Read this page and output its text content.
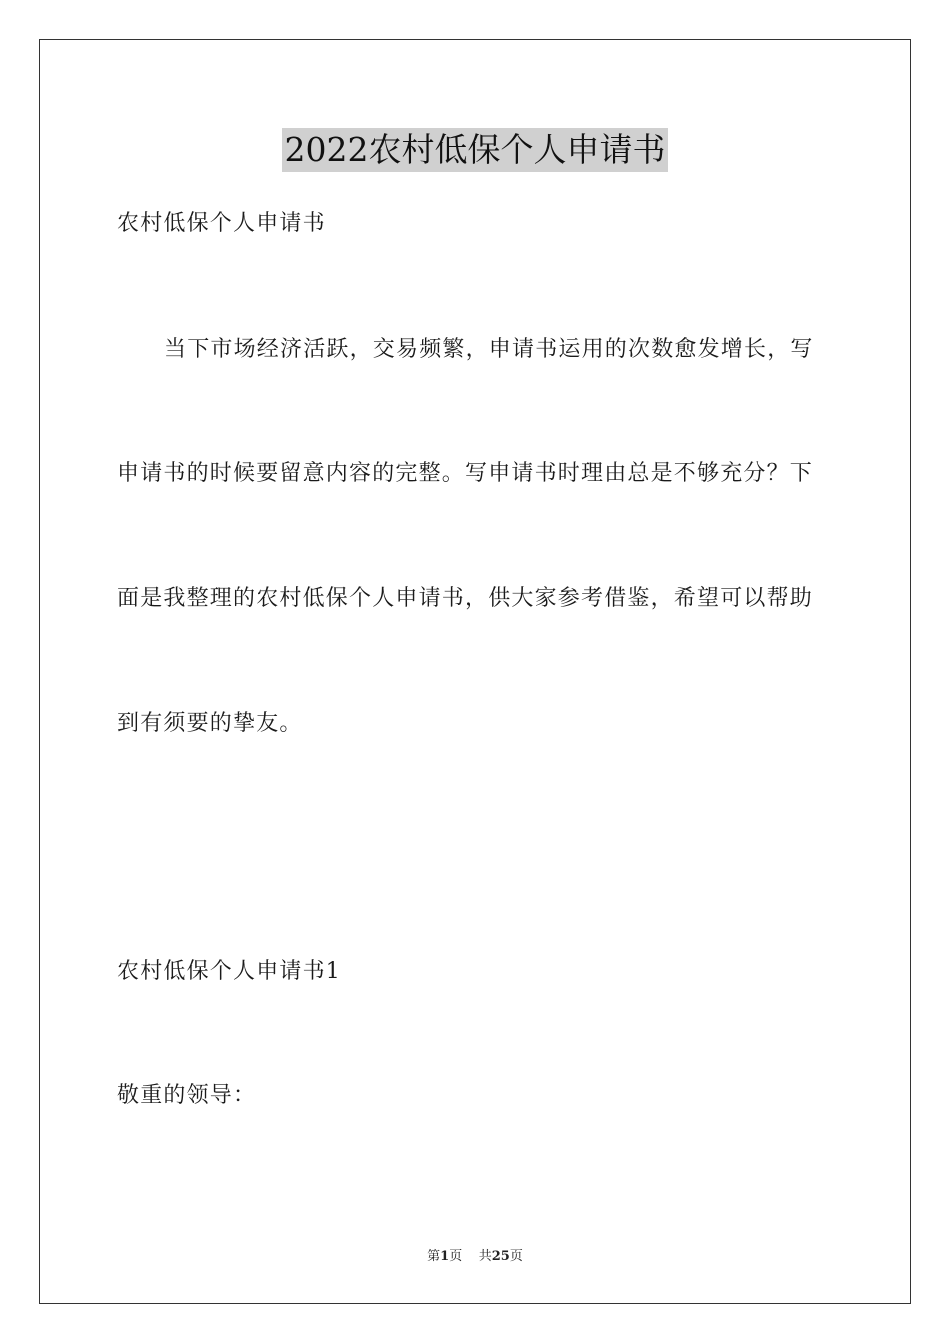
2022农村低保个人申请书
农村低保个人申请书
当下市场经济活跃，交易频繁，申请书运用的次数愈发增长，写
申请书的时候要留意内容的完整。写申请书时理由总是不够充分？下
面是我整理的农村低保个人申请书，供大家参考借鉴，希望可以帮助
到有须要的挚友。
农村低保个人申请书1
敬重的领导：
第1页 共25页
